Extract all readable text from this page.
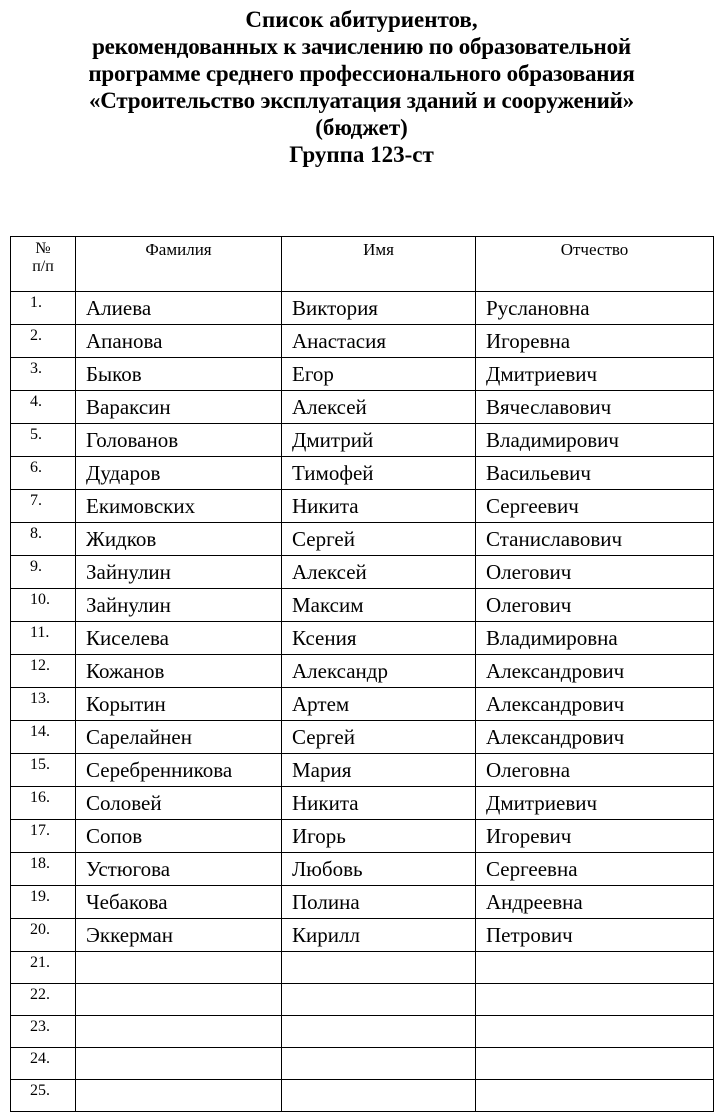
Список абитуриентов,
рекомендованных к зачислению по образовательной
программе среднего профессионального образования
«Строительство эксплуатация зданий и сооружений»
(бюджет)
Группа 123-ст
№
п/п	Фамилия	Имя	Отчество
1.	Алиева	Виктория	Руслановна
2.	Апанова	Анастасия	Игоревна
3.	Быков	Егор	Дмитриевич
4.	Вараксин	Алексей	Вячеславович
5.	Голованов	Дмитрий	Владимирович
6.	Дударов	Тимофей	Васильевич
7.	Екимовских	Никита	Сергеевич
8.	Жидков	Сергей	Станиславович
9.	Зайнулин	Алексей	Олегович
10.	Зайнулин	Максим	Олегович
11.	Киселева	Ксения	Владимировна
12.	Кожанов	Александр	Александрович
13.	Корытин	Артем	Александрович
14.	Сарелайнен	Сергей	Александрович
15.	Серебренникова	Мария	Олеговна
16.	Соловей	Никита	Дмитриевич
17.	Сопов	Игорь	Игоревич
18.	Устюгова	Любовь	Сергеевна
19.	Чебакова	Полина	Андреевна
20.	Эккерман	Кирилл	Петрович
21.			
22.			
23.			
24.			
25.			
